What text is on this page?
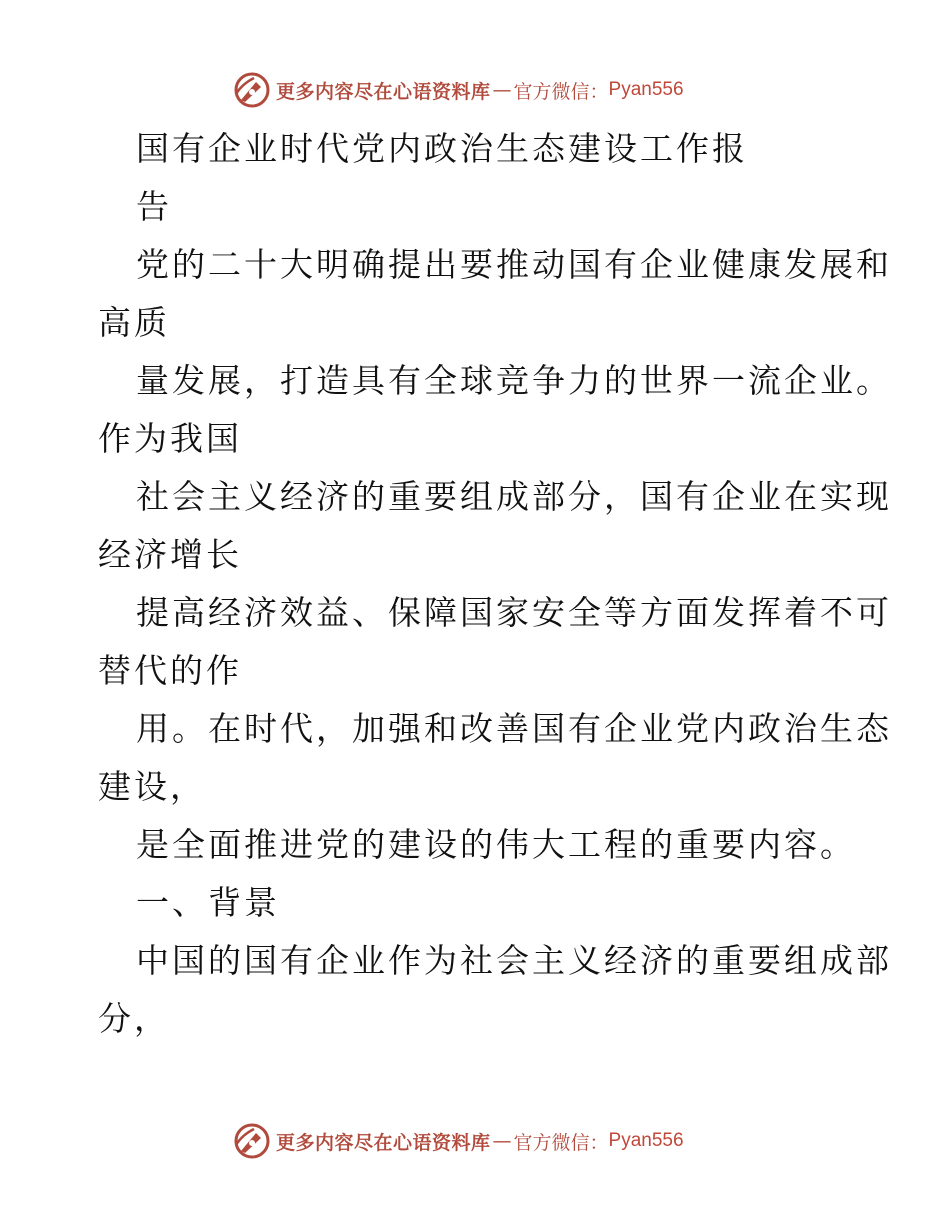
更多内容尽在心语资料库 — 官方微信： Pyan556
国有企业时代党内政治生态建设工作报
告
党的二十大明确提出要推动国有企业健康发展和
高质
量发展，打造具有全球竞争力的世界一流企业。
作为我国
社会主义经济的重要组成部分，国有企业在实现
经济增长
提高经济效益、保障国家安全等方面发挥着不可
替代的作
用。在时代，加强和改善国有企业党内政治生态
建设，
是全面推进党的建设的伟大工程的重要内容。
一、背景
中国的国有企业作为社会主义经济的重要组成部
分，
更多内容尽在心语资料库 — 官方微信： Pyan556
